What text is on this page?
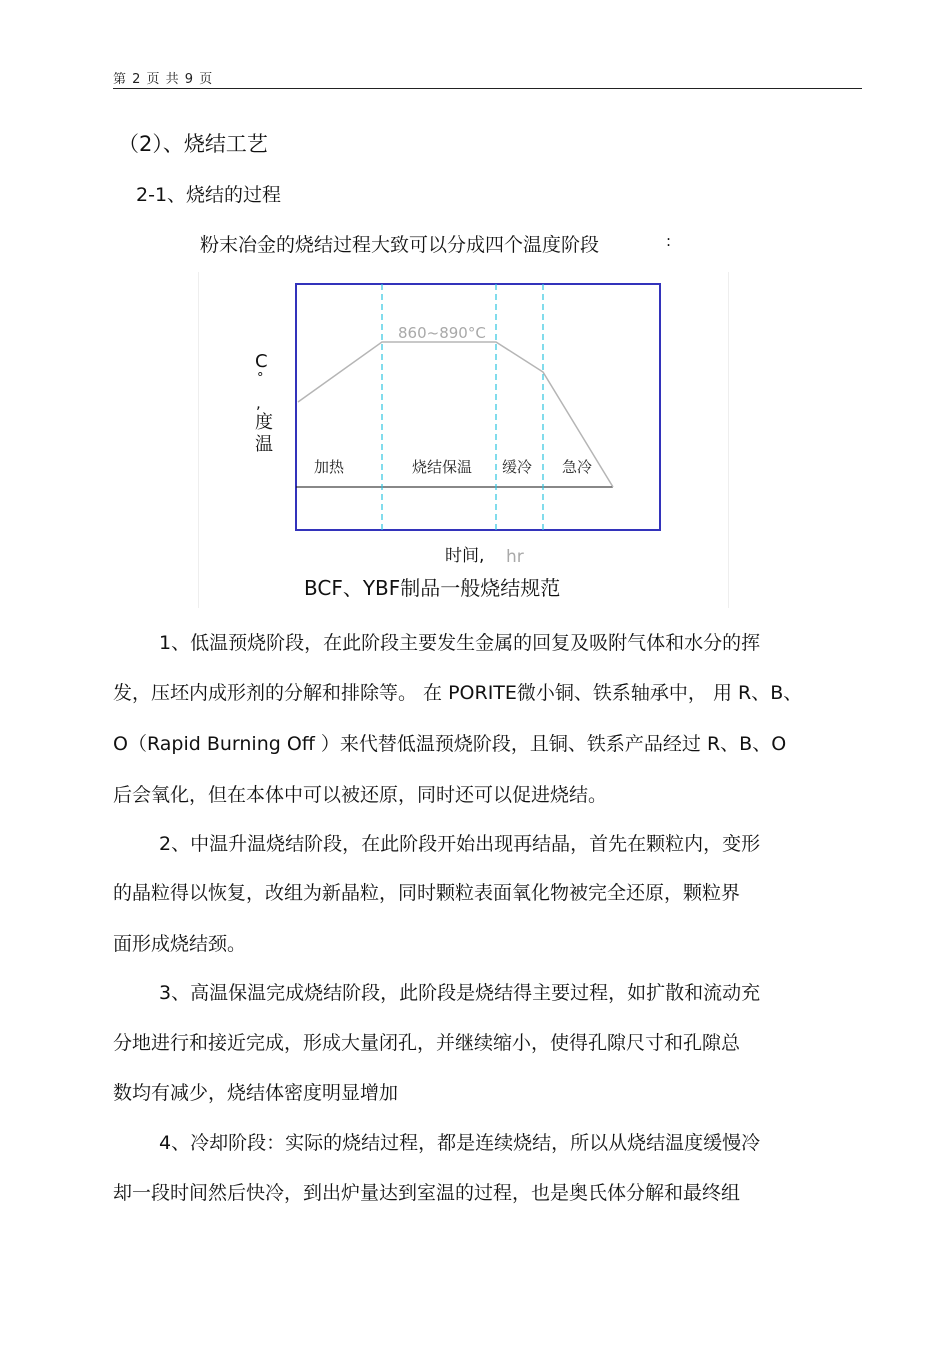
第 2 页 共 9 页
（2）、烧结工艺
2-1、烧结的过程
粉末冶金的烧结过程大致可以分成四个温度阶段	:
860~890°C
C
°
,
度
温
加热	烧结保温 缓冷 急冷
时间, hr
BCF、YBF制品一般烧结规范
1、低温预烧阶段，在此阶段主要发生金属的回复及吸附气体和水分的挥
发，压坯内成形剂的分解和排除等。 在 PORITE微小铜、铁系轴承中， 用 R、B、
O（Rapid Burning Off ）来代替低温预烧阶段，且铜、铁系产品经过 R、B、O
后会氧化，但在本体中可以被还原，同时还可以促进烧结。
2、中温升温烧结阶段，在此阶段开始出现再结晶，首先在颗粒内，变形
的晶粒得以恢复，改组为新晶粒，同时颗粒表面氧化物被完全还原，颗粒界
面形成烧结颈。
3、高温保温完成烧结阶段，此阶段是烧结得主要过程，如扩散和流动充
分地进行和接近完成，形成大量闭孔，并继续缩小，使得孔隙尺寸和孔隙总
数均有减少，烧结体密度明显增加
4、冷却阶段：实际的烧结过程，都是连续烧结，所以从烧结温度缓慢冷
却一段时间然后快冷，到出炉量达到室温的过程，也是奥氏体分解和最终组
